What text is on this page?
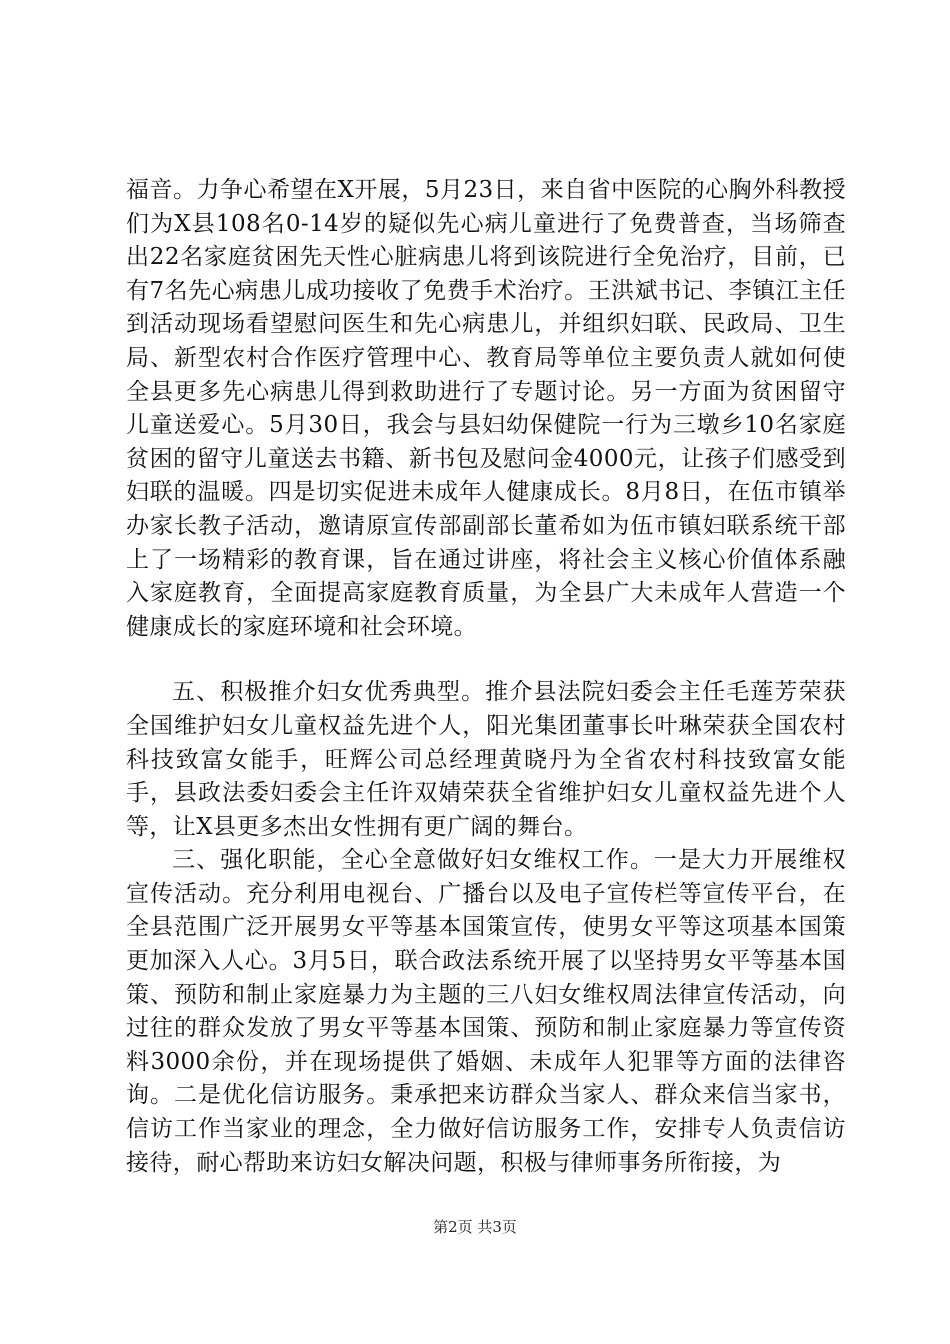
福音。力争心希望在X开展，5月23日，来自省中医院的心胸外科教授们为X县108名0-14岁的疑似先心病儿童进行了免费普查，当场筛查出22名家庭贫困先天性心脏病患儿将到该院进行全免治疗，目前，已有7名先心病患儿成功接收了免费手术治疗。王洪斌书记、李镇江主任到活动现场看望慰问医生和先心病患儿，并组织妇联、民政局、卫生局、新型农村合作医疗管理中心、教育局等单位主要负责人就如何使全县更多先心病患儿得到救助进行了专题讨论。另一方面为贫困留守儿童送爱心。5月30日，我会与县妇幼保健院一行为三墩乡10名家庭贫困的留守儿童送去书籍、新书包及慰问金4000元，让孩子们感受到妇联的温暖。四是切实促进未成年人健康成长。8月8日，在伍市镇举办家长教子活动，邀请原宣传部副部长董希如为伍市镇妇联系统干部上了一场精彩的教育课，旨在通过讲座，将社会主义核心价值体系融入家庭教育，全面提高家庭教育质量，为全县广大未成年人营造一个健康成长的家庭环境和社会环境。

五、积极推介妇女优秀典型。推介县法院妇委会主任毛莲芳荣获全国维护妇女儿童权益先进个人，阳光集团董事长叶琳荣获全国农村科技致富女能手，旺辉公司总经理黄晓丹为全省农村科技致富女能手，县政法委妇委会主任许双婧荣获全省维护妇女儿童权益先进个人等，让X县更多杰出女性拥有更广阔的舞台。

三、强化职能，全心全意做好妇女维权工作。一是大力开展维权宣传活动。充分利用电视台、广播台以及电子宣传栏等宣传平台，在全县范围广泛开展男女平等基本国策宣传，使男女平等这项基本国策更加深入人心。3月5日，联合政法系统开展了以坚持男女平等基本国策、预防和制止家庭暴力为主题的三八妇女维权周法律宣传活动，向过往的群众发放了男女平等基本国策、预防和制止家庭暴力等宣传资料3000余份，并在现场提供了婚姻、未成年人犯罪等方面的法律咨询。二是优化信访服务。秉承把来访群众当家人、群众来信当家书，信访工作当家业的理念，全力做好信访服务工作，安排专人负责信访接待，耐心帮助来访妇女解决问题，积极与律师事务所衔接，为

第2页 共3页
